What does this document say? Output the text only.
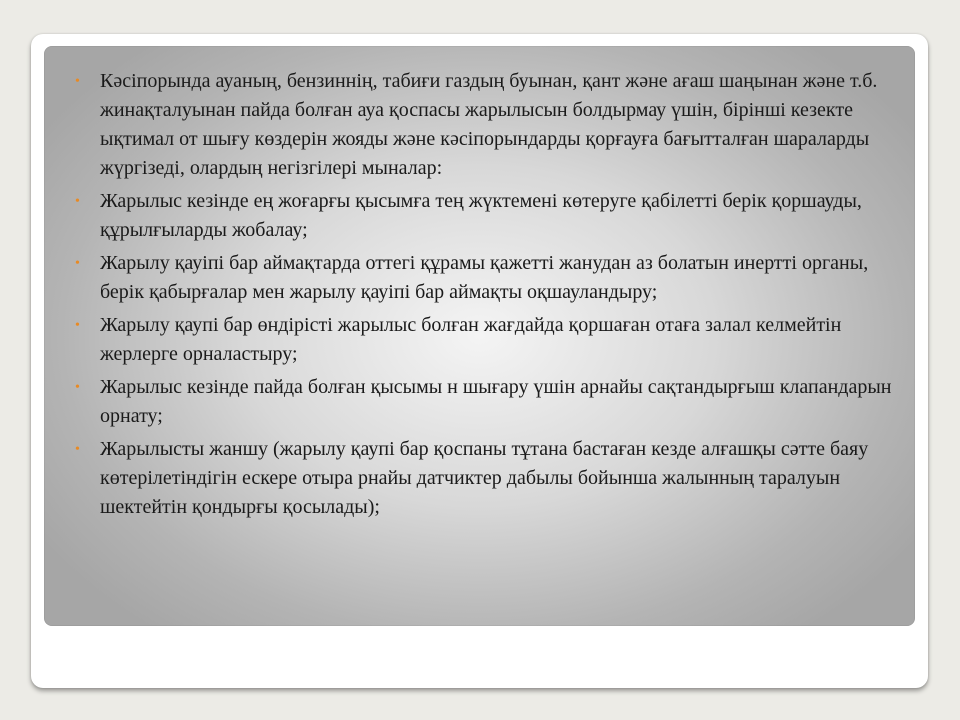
• Кәсіпорында ауаның, бензиннің, табиғи газдың буынан, қант және ағаш шаңынан және т.б. жинақталуынан пайда болған ауа қоспасы жарылысын болдырмау үшін, бірінші кезекте ықтимал от шығу көздерін жояды және кәсіпорындарды қорғауға бағытталған шараларды жүргізеді, олардың негізгілері мыналар:
• Жарылыс кезінде ең жоғарғы қысымға тең жүктемені көтеруге қабілетті берік қоршауды, құрылғыларды жобалау;
• Жарылу қауіпі бар аймақтарда оттегі құрамы қажетті жанудан аз болатын инертті органы, берік қабырғалар мен жарылу қауіпі бар аймақты оқшауландыру;
• Жарылу қаупі бар өндірісті жарылыс болған жағдайда қоршаған отаға залал келмейтін жерлерге орналастыру;
• Жарылыс кезінде пайда болған қысымы н шығару үшін арнайы сақтандырғыш клапандарын орнату;
• Жарылысты жаншу (жарылу қаупі бар қоспаны тұтана бастаған кезде алғашқы сәтте баяу көтерілетіндігін ескере отыра рнайы датчиктер дабылы бойынша жалынның таралуын шектейтін қондырғы қосылады);
